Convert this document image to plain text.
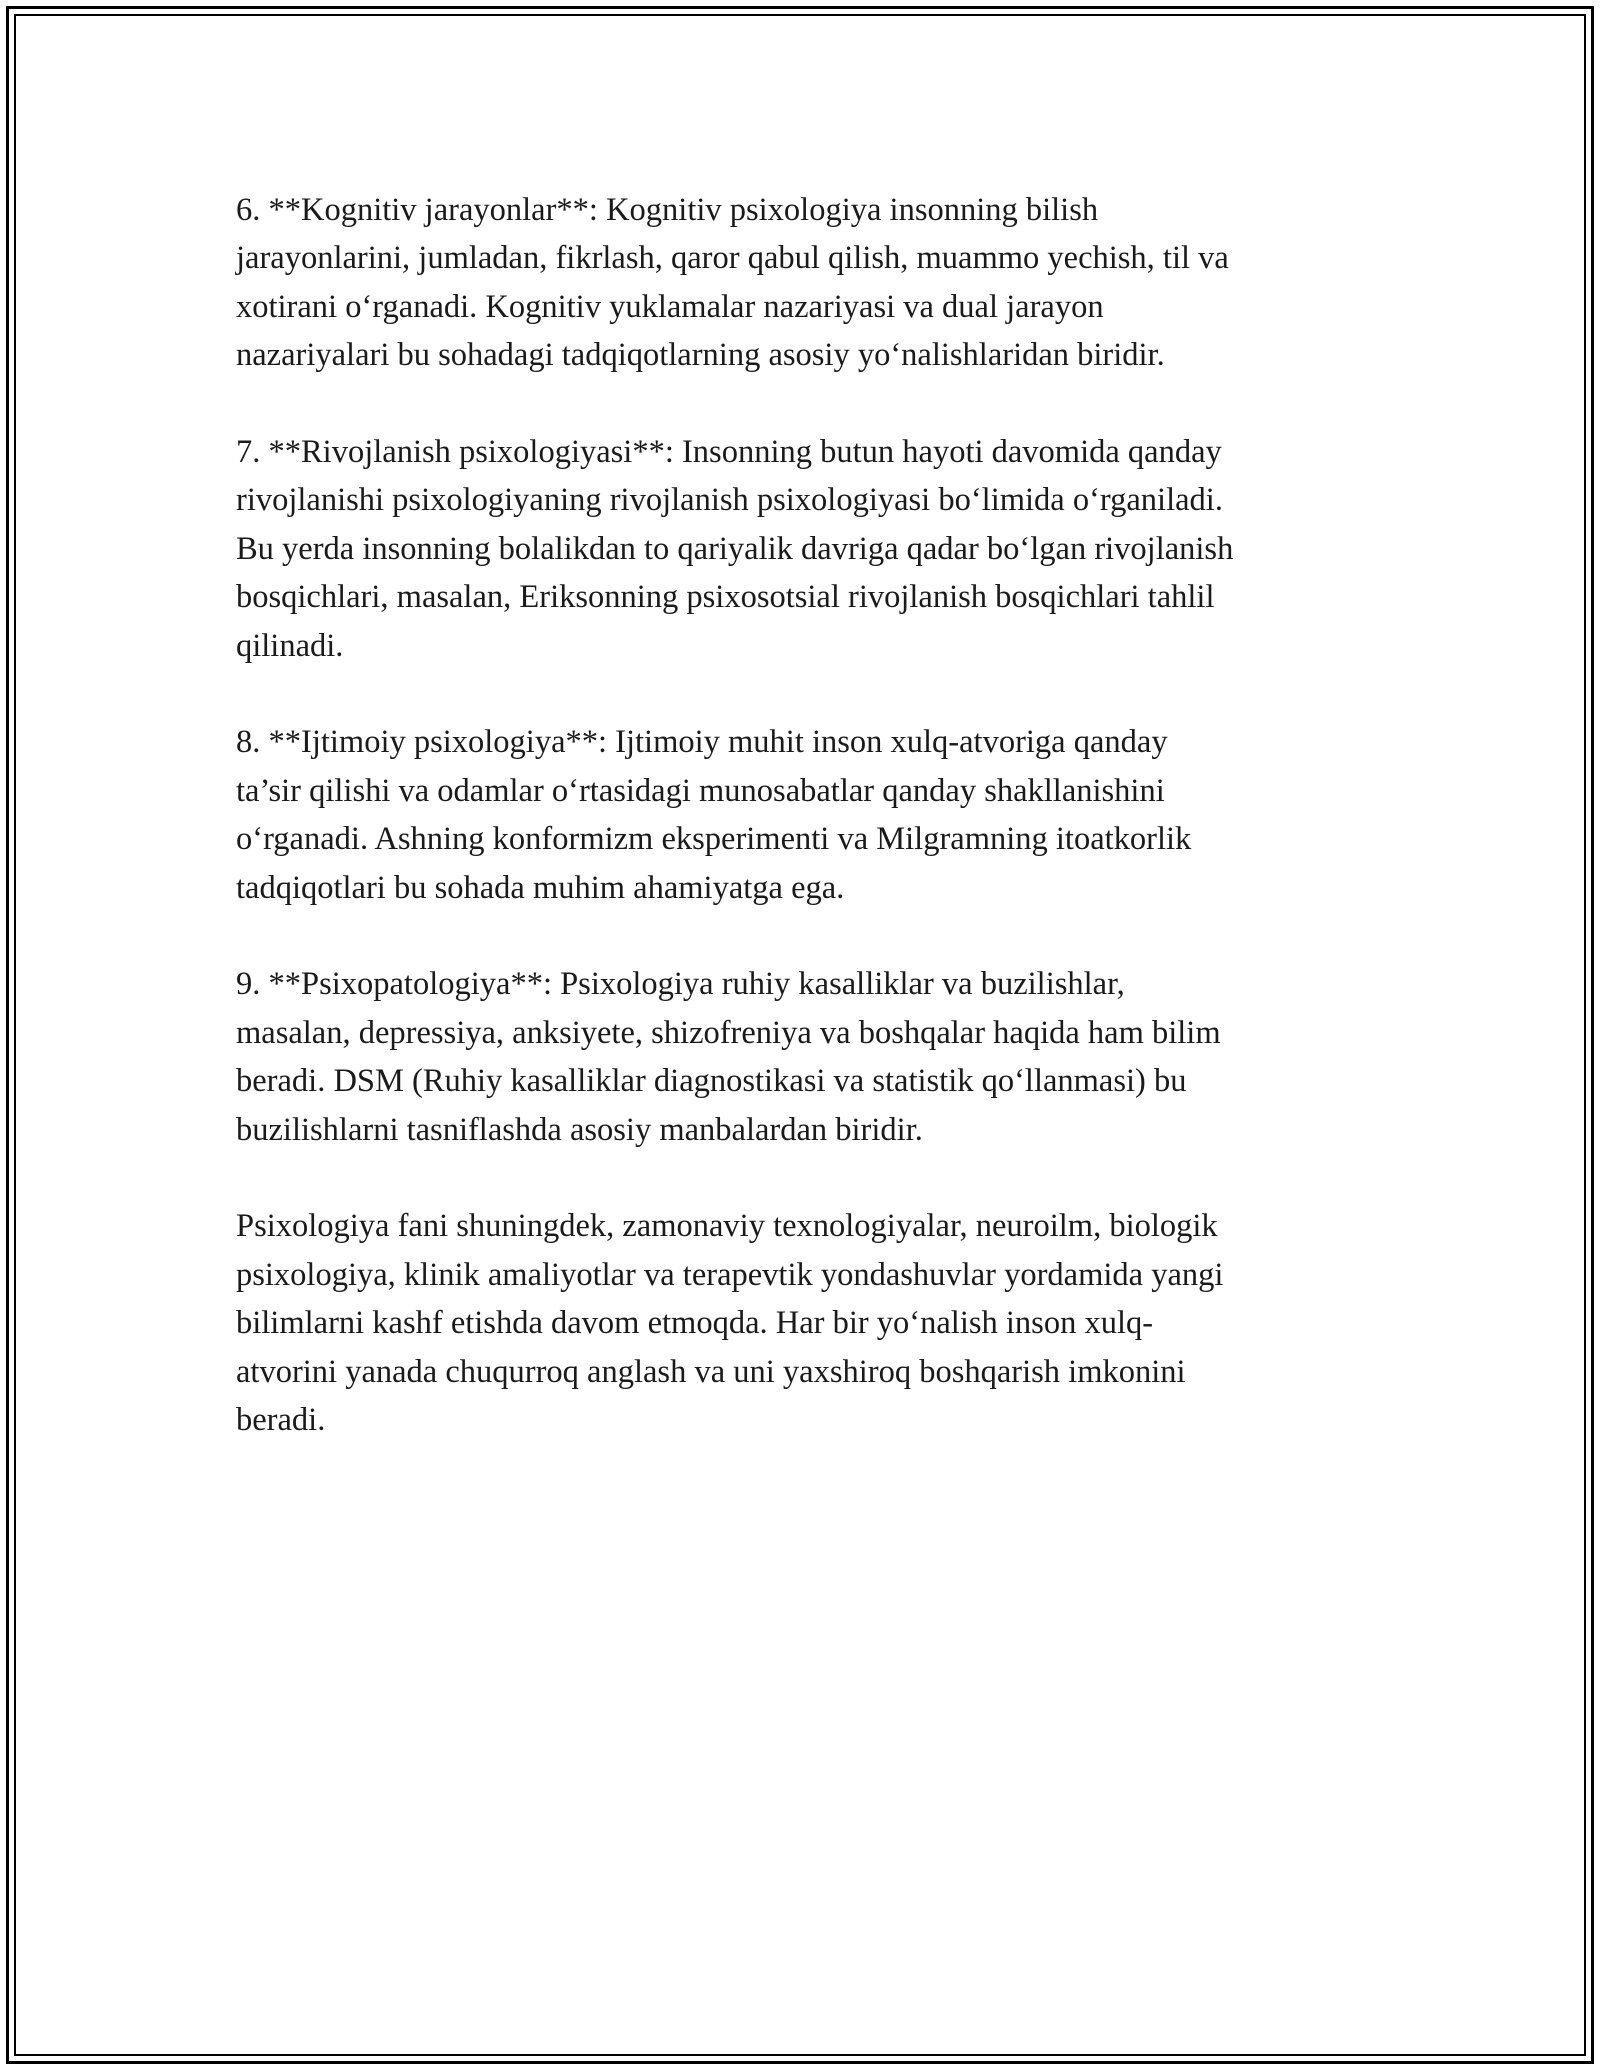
6. **Kognitiv jarayonlar**: Kognitiv psixologiya insonning bilish
jarayonlarini, jumladan, fikrlash, qaror qabul qilish, muammo yechish, til va
xotirani o‘rganadi. Kognitiv yuklamalar nazariyasi va dual jarayon
nazariyalari bu sohadagi tadqiqotlarning asosiy yo‘nalishlaridan biridir.

7. **Rivojlanish psixologiyasi**: Insonning butun hayoti davomida qanday
rivojlanishi psixologiyaning rivojlanish psixologiyasi bo‘limida o‘rganiladi.
Bu yerda insonning bolalikdan to qariyalik davriga qadar bo‘lgan rivojlanish
bosqichlari, masalan, Eriksonning psixosotsial rivojlanish bosqichlari tahlil
qilinadi.

8. **Ijtimoiy psixologiya**: Ijtimoiy muhit inson xulq-atvoriga qanday
ta’sir qilishi va odamlar o‘rtasidagi munosabatlar qanday shakllanishini
o‘rganadi. Ashning konformizm eksperimenti va Milgramning itoatkorlik
tadqiqotlari bu sohada muhim ahamiyatga ega.

9. **Psixopatologiya**: Psixologiya ruhiy kasalliklar va buzilishlar,
masalan, depressiya, anksiyete, shizofreniya va boshqalar haqida ham bilim
beradi. DSM (Ruhiy kasalliklar diagnostikasi va statistik qo‘llanmasi) bu
buzilishlarni tasniflashda asosiy manbalardan biridir.

Psixologiya fani shuningdek, zamonaviy texnologiyalar, neuroilm, biologik
psixologiya, klinik amaliyotlar va terapevtik yondashuvlar yordamida yangi
bilimlarni kashf etishda davom etmoqda. Har bir yo‘nalish inson xulq-
atvorini yanada chuqurroq anglash va uni yaxshiroq boshqarish imkonini
beradi.
